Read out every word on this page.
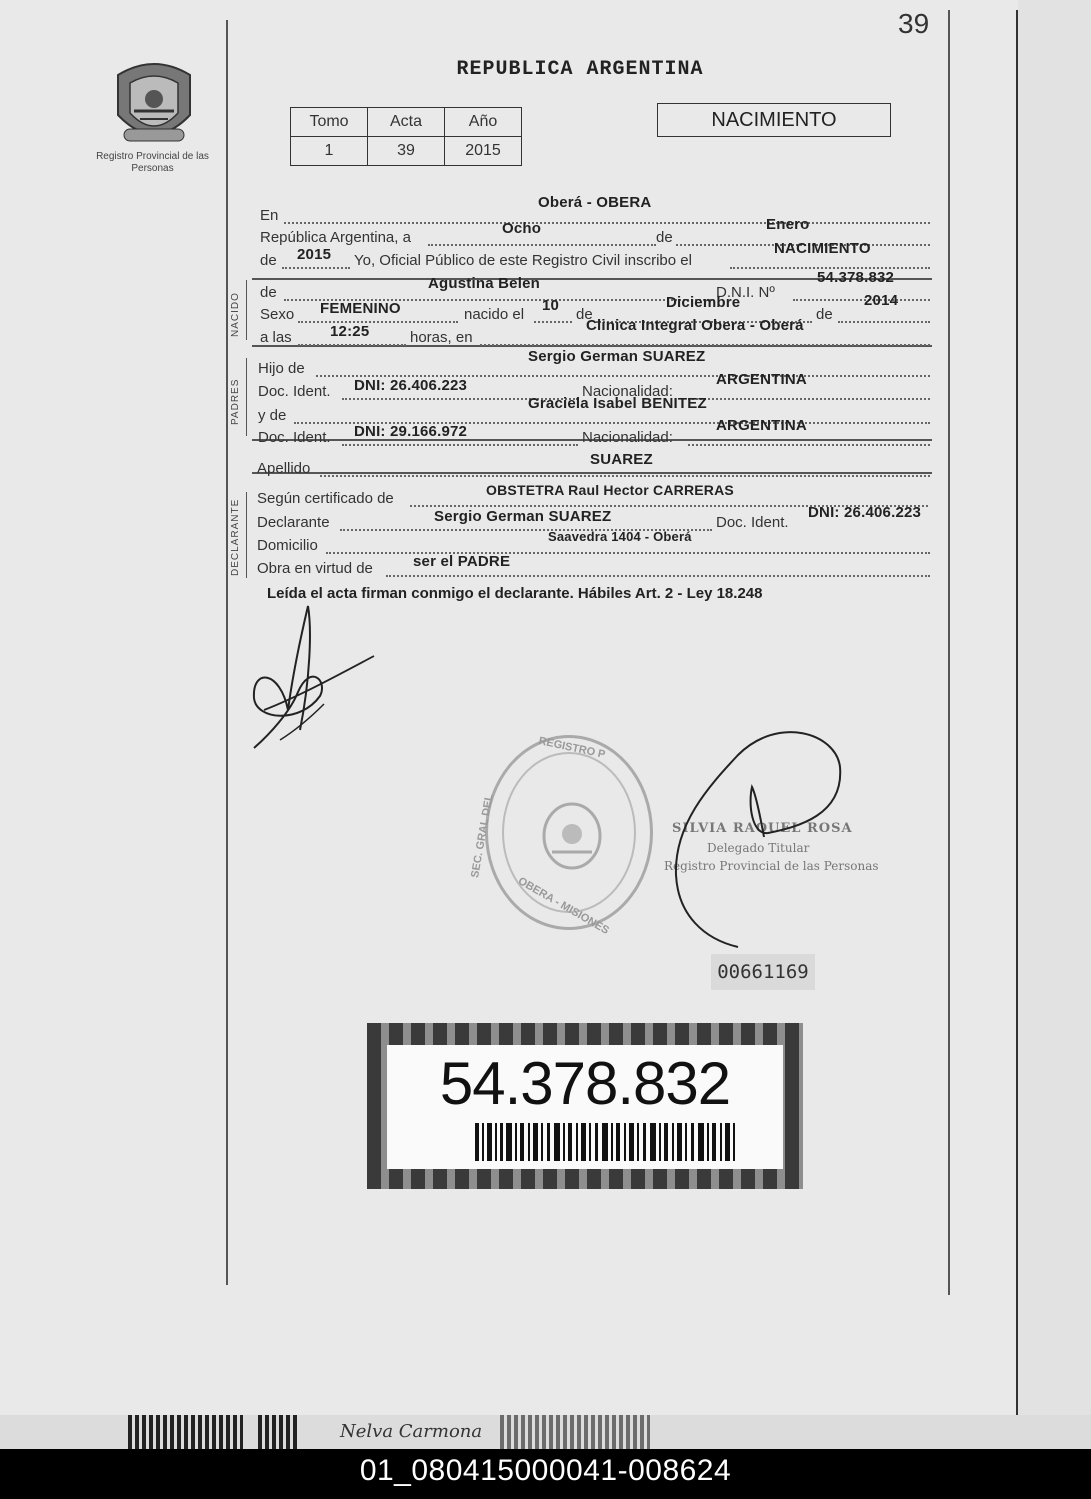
39
Registro Provincial de las Personas
REPUBLICA ARGENTINA
Tomo	Acta	Año
1	39	2015
NACIMIENTO
NACIDO
PADRES
DECLARANTE
En
Oberá - OBERA
República Argentina, a
Ocho
de
Enero
de 2015 Yo, Oficial Público de este Registro Civil inscribo el
NACIMIENTO
de
Agustina Belen
D.N.I. Nº
54.378.832
Sexo FEMENINO	nacido el
10
de
Diciembre
de
2014
a las	12:25	horas, en
Clinica Integral Obera - Oberá
Hijo de
Sergio German SUAREZ
Doc. Ident. DNI: 26.406.223	Nacionalidad:
ARGENTINA
y de
Graciela Isabel BENITEZ
Doc. Ident. DNI: 29.166.972	Nacionalidad:
ARGENTINA
Apellido
SUAREZ
Según certificado de	OBSTETRA Raul Hector CARRERAS
Declarante	Sergio German SUAREZ	Doc. Ident.
DNI: 26.406.223
Domicilio
Saavedra 1404 - Oberá
Obra en virtud de	ser el PADRE
Leída el acta firman conmigo el declarante. Hábiles Art. 2 - Ley 18.248
REGISTRO P
SEC. GRAL DEL
OBERA - MISIONES
SILVIA RAQUEL ROSA
Delegado Titular
Registro Provincial de las Personas
00661169
54.378.832
Nelva Carmona
01_080415000041-008624
